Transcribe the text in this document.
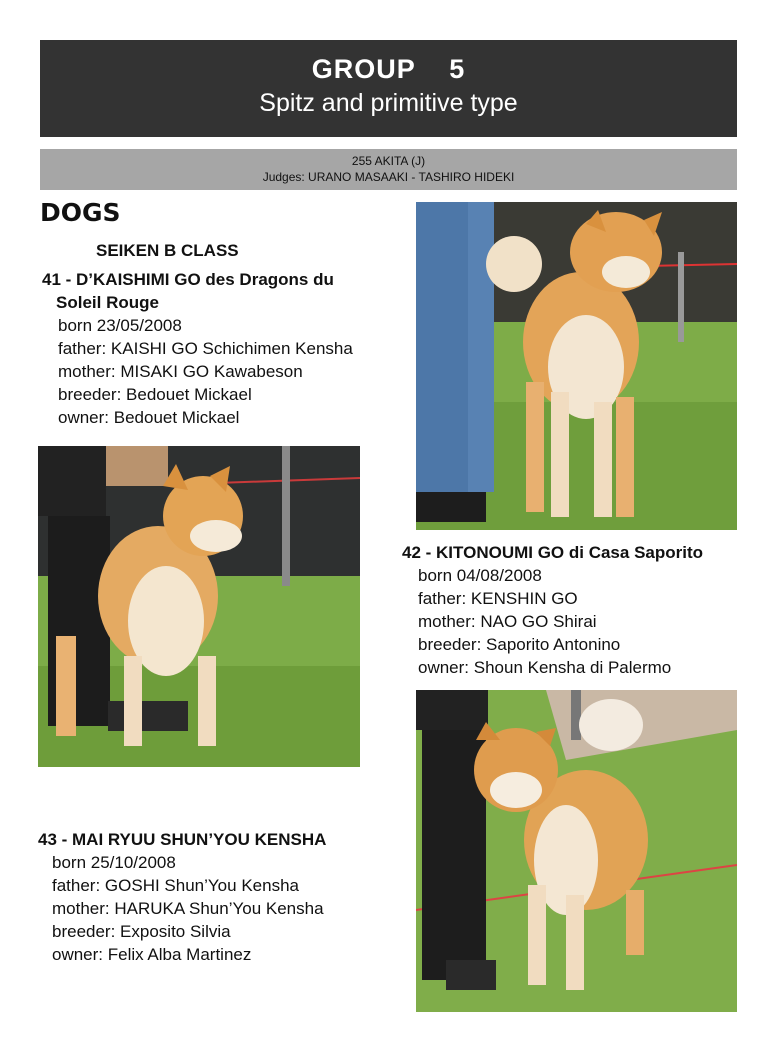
GROUP    5
Spitz and primitive type
255 AKITA (J)
Judges: URANO MASAAKI - TASHIRO HIDEKI
DOGS
SEIKEN B CLASS
41 - D’KAISHIMI GO des Dragons du
Soleil Rouge
born 23/05/2008
father: KAISHI GO Schichimen Kensha
mother: MISAKI GO Kawabeson
breeder: Bedouet Mickael
owner: Bedouet Mickael
42 - KITONOUMI GO di Casa Saporito
born 04/08/2008
father: KENSHIN GO
mother: NAO GO Shirai
breeder: Saporito Antonino
owner: Shoun Kensha di Palermo
43 - MAI RYUU SHUN’YOU KENSHA
born 25/10/2008
father: GOSHI Shun’You Kensha
mother: HARUKA Shun’You Kensha
breeder: Exposito Silvia
owner: Felix Alba Martinez
